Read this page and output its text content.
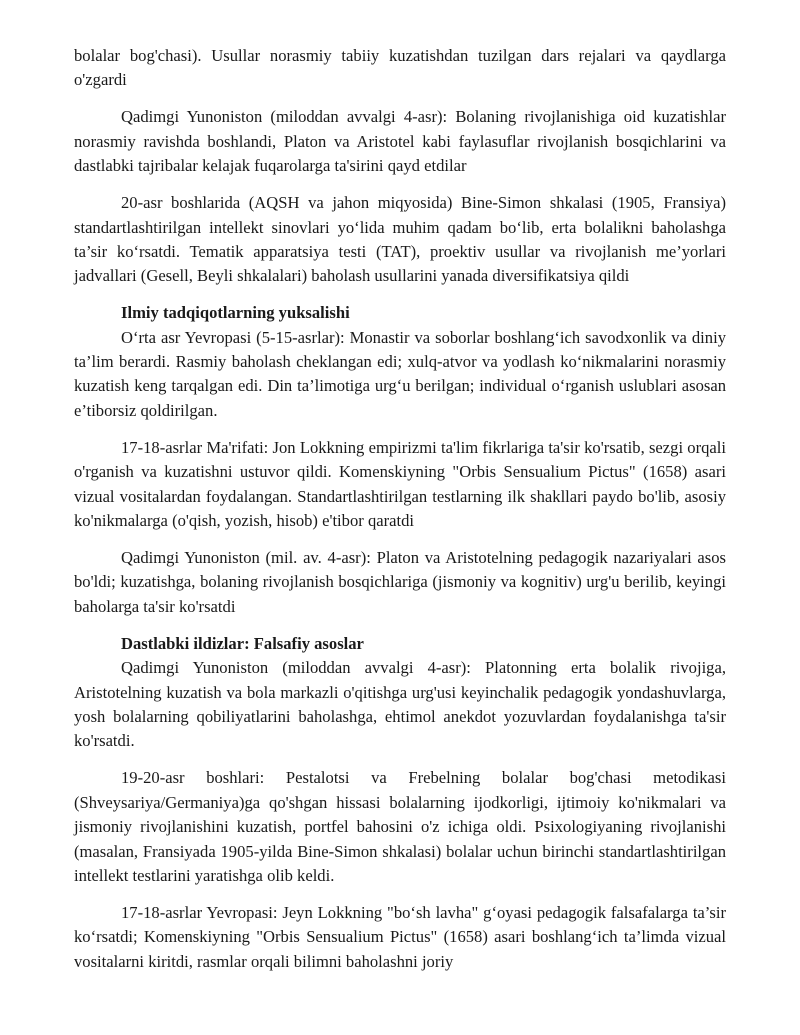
bolalar bog'chasi). Usullar norasmiy tabiiy kuzatishdan tuzilgan dars rejalari va qaydlarga o'zgardi

Qadimgi Yunoniston (miloddan avvalgi 4-asr): Bolaning rivojlanishiga oid kuzatishlar norasmiy ravishda boshlandi, Platon va Aristotel kabi faylasuflar rivojlanish bosqichlarini va dastlabki tajribalar kelajak fuqarolarga ta'sirini qayd etdilar

20-asr boshlarida (AQSH va jahon miqyosida) Bine-Simon shkalasi (1905, Fransiya) standartlashtirilgan intellekt sinovlari yoʻlida muhim qadam boʻlib, erta bolalikni baholashga ta’sir koʻrsatdi. Tematik apparatsiya testi (TAT), proektiv usullar va rivojlanish me’yorlari jadvallari (Gesell, Beyli shkalalari) baholash usullarini yanada diversifikatsiya qildi

Ilmiy tadqiqotlarning yuksalishi

Oʻrta asr Yevropasi (5-15-asrlar): Monastir va soborlar boshlangʻich savodxonlik va diniy ta’lim berardi. Rasmiy baholash cheklangan edi; xulq-atvor va yodlash koʻnikmalarini norasmiy kuzatish keng tarqalgan edi. Din ta’limotiga urgʻu berilgan; individual oʻrganish uslublari asosan e’tiborsiz qoldirilgan.

17-18-asrlar Ma'rifati: Jon Lokkning empirizmi ta'lim fikrlariga ta'sir ko'rsatib, sezgi orqali o'rganish va kuzatishni ustuvor qildi. Komenskiyning "Orbis Sensualium Pictus" (1658) asari vizual vositalardan foydalangan. Standartlashtirilgan testlarning ilk shakllari paydo bo'lib, asosiy ko'nikmalarga (o'qish, yozish, hisob) e'tibor qaratdi

Qadimgi Yunoniston (mil. av. 4-asr): Platon va Aristotelning pedagogik nazariyalari asos bo'ldi; kuzatishga, bolaning rivojlanish bosqichlariga (jismoniy va kognitiv) urg'u berilib, keyingi baholarga ta'sir ko'rsatdi

Dastlabki ildizlar: Falsafiy asoslar

Qadimgi Yunoniston (miloddan avvalgi 4-asr): Platonning erta bolalik rivojiga, Aristotelning kuzatish va bola markazli o'qitishga urg'usi keyinchalik pedagogik yondashuvlarga, yosh bolalarning qobiliyatlarini baholashga, ehtimol anekdot yozuvlardan foydalanishga ta'sir ko'rsatdi.

19-20-asr boshlari: Pestalotsi va Frebelning bolalar bog'chasi metodikasi (Shveysariya/Germaniya)ga qo'shgan hissasi bolalarning ijodkorligi, ijtimoiy ko'nikmalari va jismoniy rivojlanishini kuzatish, portfel bahosini o'z ichiga oldi. Psixologiyaning rivojlanishi (masalan, Fransiyada 1905-yilda Bine-Simon shkalasi) bolalar uchun birinchi standartlashtirilgan intellekt testlarini yaratishga olib keldi.

17-18-asrlar Yevropasi: Jeyn Lokkning "boʻsh lavha" gʻoyasi pedagogik falsafalarga ta’sir koʻrsatdi; Komenskiyning "Orbis Sensualium Pictus" (1658) asari boshlangʻich ta’limda vizual vositalarni kiritdi, rasmlar orqali bilimni baholashni joriy
